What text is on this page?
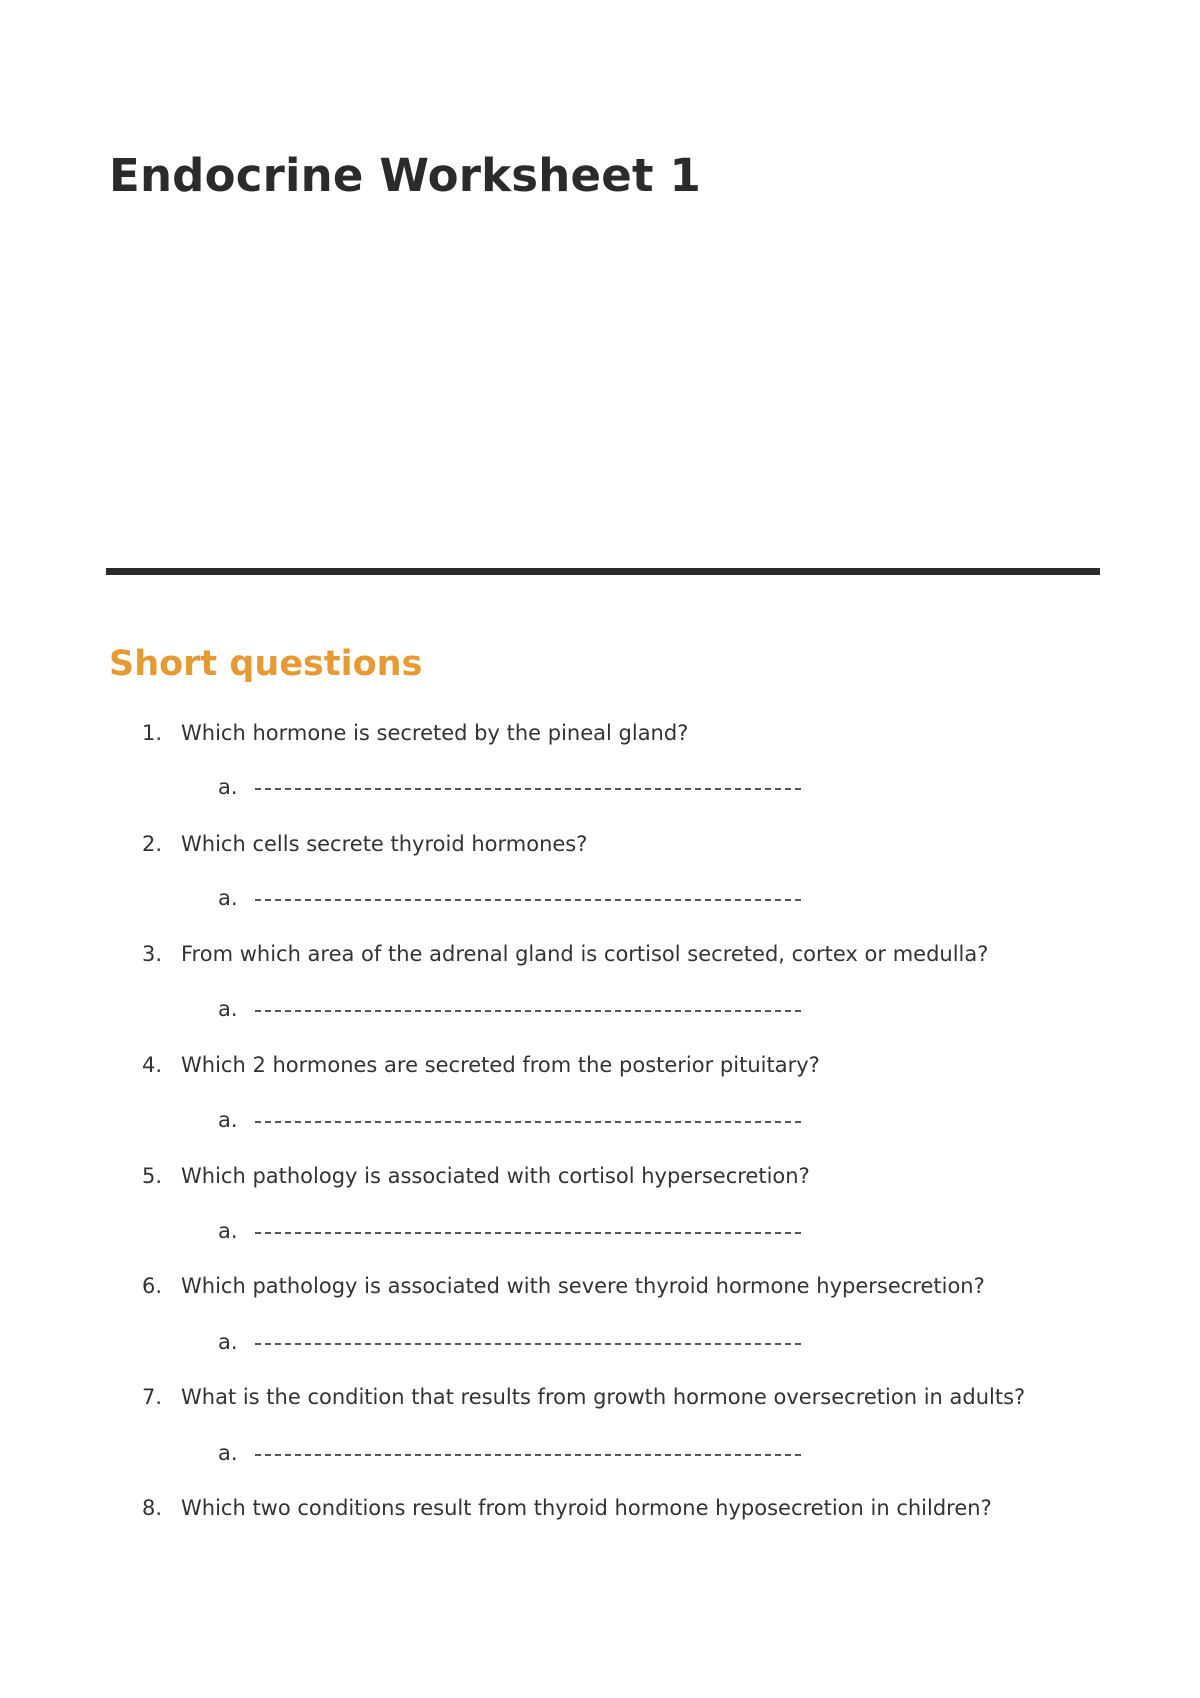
Endocrine Worksheet 1
Short questions
1. Which hormone is secreted by the pineal gland?
a.
2. Which cells secrete thyroid hormones?
a.
3. From which area of the adrenal gland is cortisol secreted, cortex or medulla?
a.
4. Which 2 hormones are secreted from the posterior pituitary?
a.
5. Which pathology is associated with cortisol hypersecretion?
a.
6. Which pathology is associated with severe thyroid hormone hypersecretion?
a.
7. What is the condition that results from growth hormone oversecretion in adults?
a.
8. Which two conditions result from thyroid hormone hyposecretion in children?
